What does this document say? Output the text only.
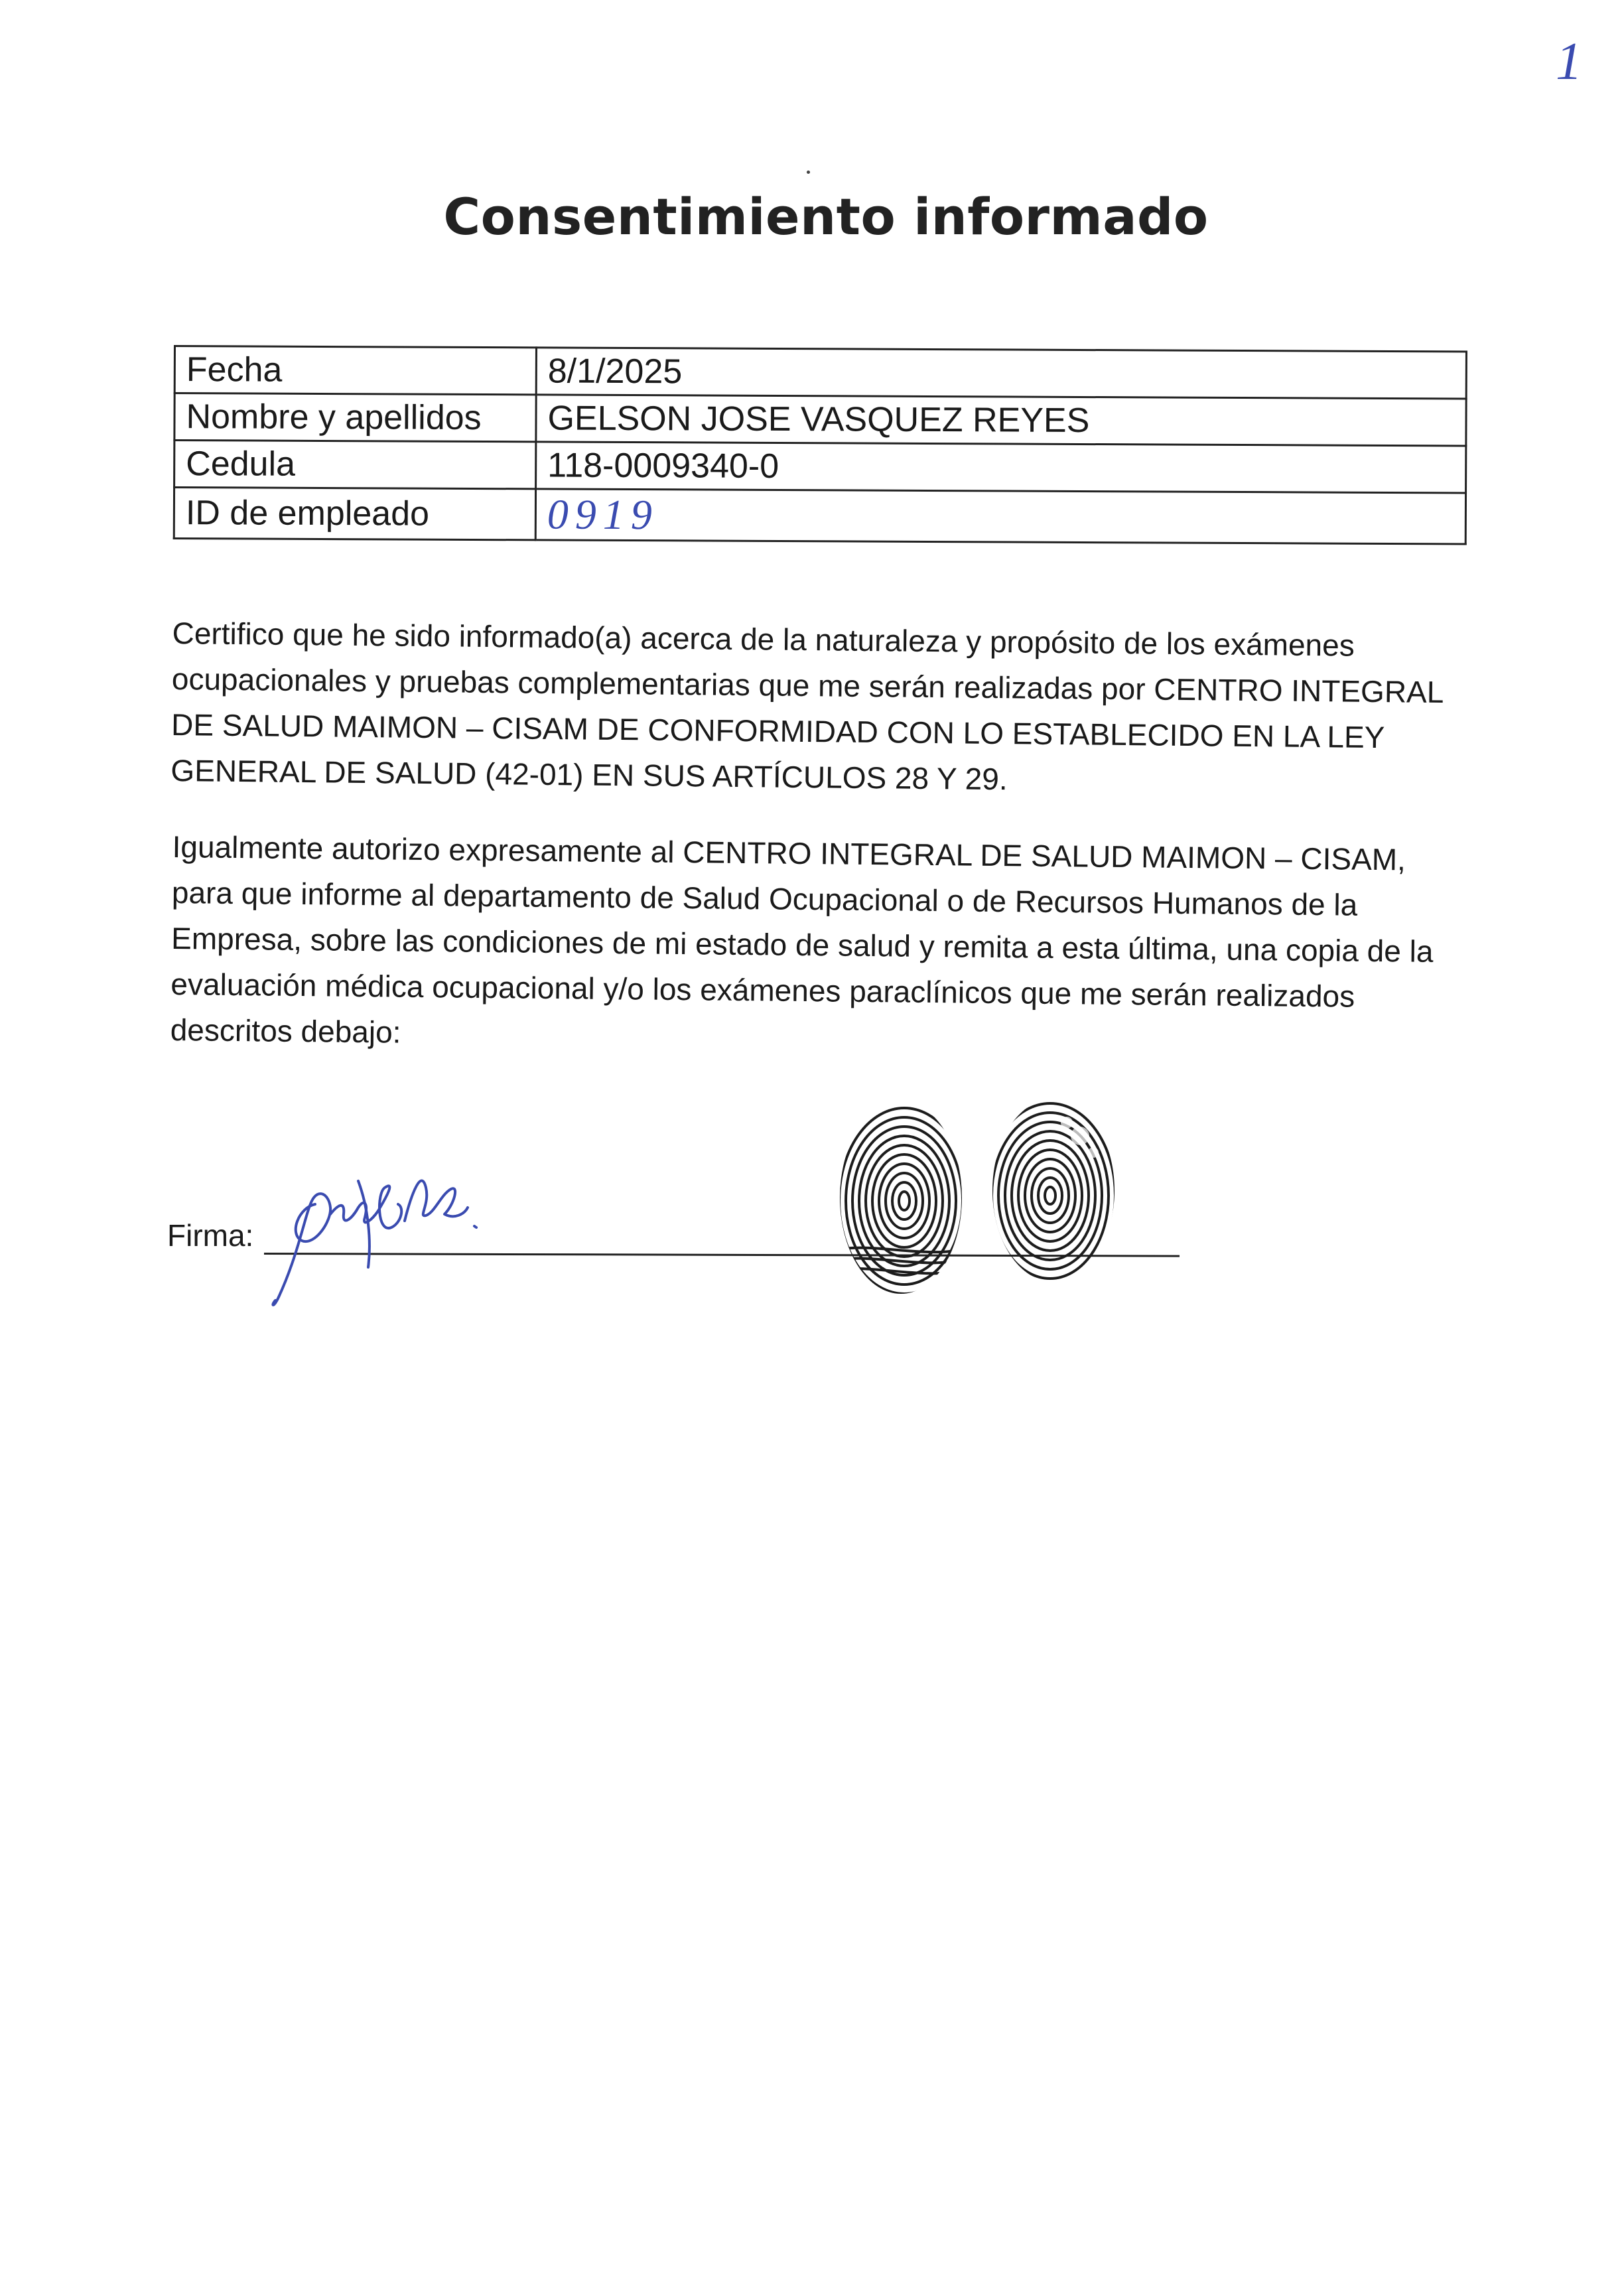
1
Consentimiento informado
Fecha	8/1/2025
Nombre y apellidos	GELSON JOSE VASQUEZ REYES
Cedula	118-0009340-0
ID de empleado	0919
Certifico que he sido informado(a) acerca de la naturaleza y propósito de los exámenes ocupacionales y pruebas complementarias que me serán realizadas por CENTRO INTEGRAL DE SALUD MAIMON – CISAM DE CONFORMIDAD CON LO ESTABLECIDO EN LA LEY GENERAL DE SALUD (42-01) EN SUS ARTÍCULOS 28 Y 29.
Igualmente autorizo expresamente al CENTRO INTEGRAL DE SALUD MAIMON – CISAM, para que informe al departamento de Salud Ocupacional o de Recursos Humanos de la Empresa, sobre las condiciones de mi estado de salud y remita a esta última, una copia de la evaluación médica ocupacional y/o los exámenes paraclínicos que me serán realizados descritos debajo:
Firma:
